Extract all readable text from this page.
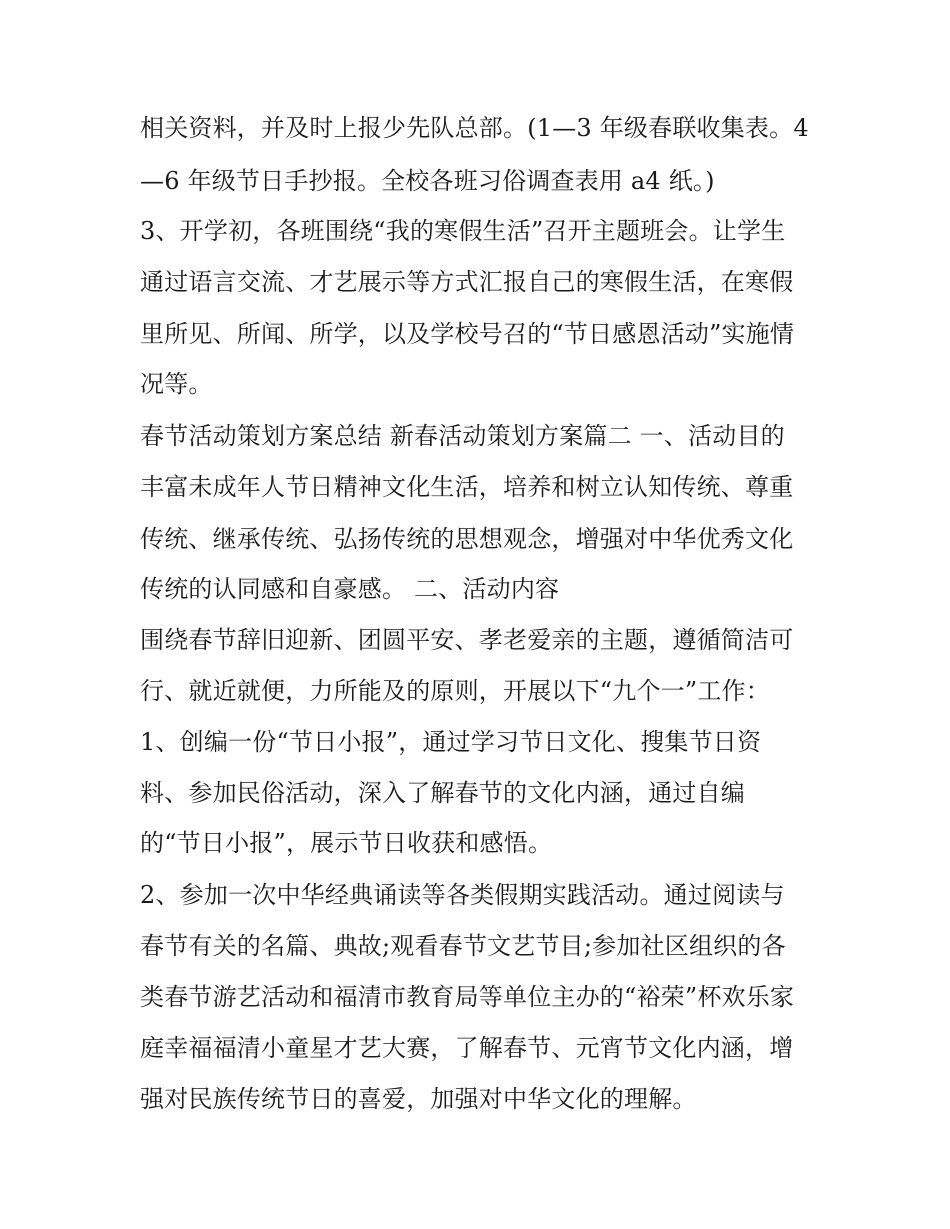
相关资料，并及时上报少先队总部。(1—3 年级春联收集表。4
—6 年级节日手抄报。全校各班习俗调查表用 a4 纸。)
3、开学初，各班围绕“我的寒假生活”召开主题班会。让学生
通过语言交流、才艺展示等方式汇报自己的寒假生活，在寒假
里所见、所闻、所学，以及学校号召的“节日感恩活动”实施情
况等。
春节活动策划方案总结 新春活动策划方案篇二 一、活动目的
丰富未成年人节日精神文化生活，培养和树立认知传统、尊重
传统、继承传统、弘扬传统的思想观念，增强对中华优秀文化
传统的认同感和自豪感。 二、活动内容
围绕春节辞旧迎新、团圆平安、孝老爱亲的主题，遵循简洁可
行、就近就便，力所能及的原则，开展以下“九个一”工作：
1、创编一份“节日小报”，通过学习节日文化、搜集节日资
料、参加民俗活动，深入了解春节的文化内涵，通过自编
的“节日小报”，展示节日收获和感悟。
2、参加一次中华经典诵读等各类假期实践活动。通过阅读与
春节有关的名篇、典故;观看春节文艺节目;参加社区组织的各
类春节游艺活动和福清市教育局等单位主办的“裕荣”杯欢乐家
庭幸福福清小童星才艺大赛，了解春节、元宵节文化内涵，增
强对民族传统节日的喜爱，加强对中华文化的理解。
